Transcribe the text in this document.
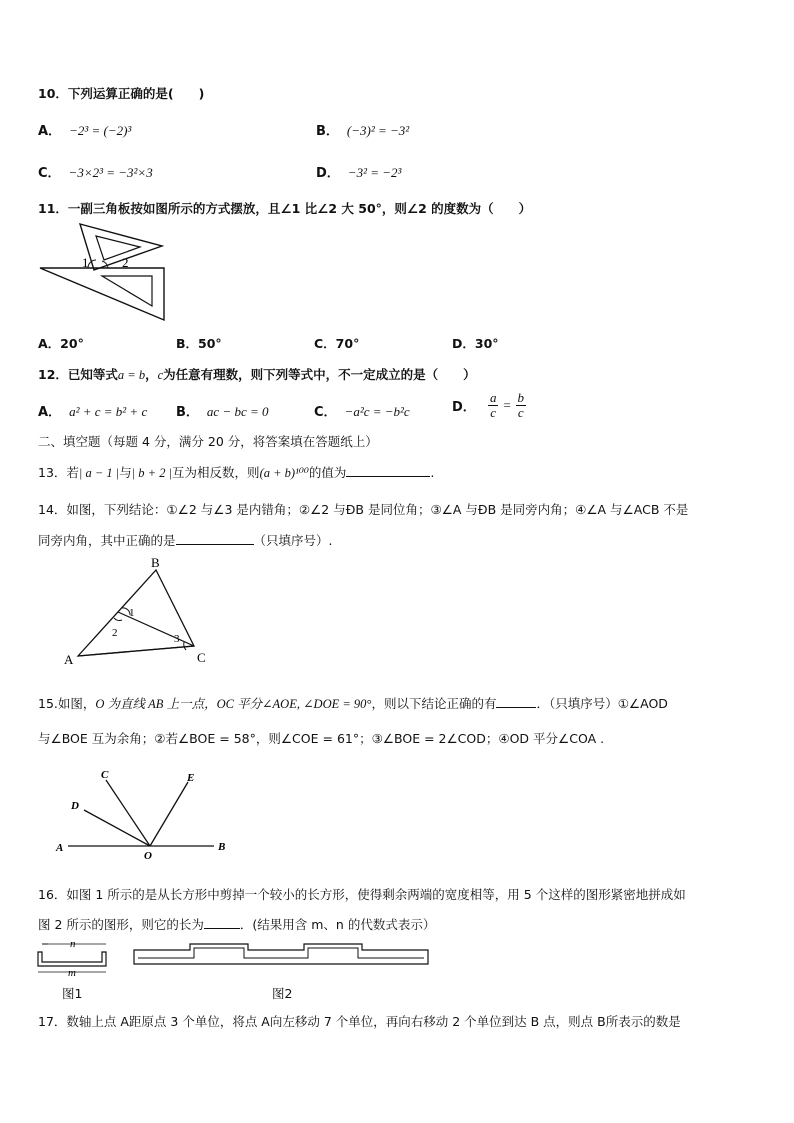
10．下列运算正确的是(　　)
A． −2³ = (−2)³	B． (−3)² = −3²
C． −3×2³ = −3²×3	D． −3² = −2³
11．一副三角板按如图所示的方式摆放，且∠1 比∠2 大 50°，则∠2 的度数为（　　）
1	2
A．20°	B．50°	C．70°	D．30°
12．已知等式a = b，c为任意有理数，则下列等式中，不一定成立的是（　　）
A． a² + c = b² + c B． ac − bc = 0	C． −a²c = −b²c	D． $\frac{a}{c} = \frac{b}{c}$
二、填空题（每题 4 分，满分 20 分，将答案填在答题纸上）
13．若| a − 1 |与| b + 2 |互为相反数，则(a + b)¹⁰⁰的值为	.
14．如图，下列结论：①∠2 与∠3 是内错角；②∠2 与ÐB 是同位角；③∠A 与ÐB 是同旁内角；④∠A 与∠ACB 不是
同旁内角，其中正确的是	（只填序号）.
B
A	C
1
2	3
15.如图，O 为直线 AB 上一点，OC 平分∠AOE, ∠DOE = 90°，则以下结论正确的有	．（只填序号）①∠AOD
与∠BOE 互为余角；②若∠BOE = 58°，则∠COE = 61°；③∠BOE = 2∠COD；④OD 平分∠COA .
A	B
C
D
E
O
16．如图 1 所示的是从长方形中剪掉一个较小的长方形，使得剩余两端的宽度相等，用 5 个这样的图形紧密地拼成如
图 2 所示的图形，则它的长为	．(结果用含 m、n 的代数式表示）
n
m
图1	图2
17．数轴上点 A距原点 3 个单位，将点 A向左移动 7 个单位，再向右移动 2 个单位到达 B 点，则点 B所表示的数是
